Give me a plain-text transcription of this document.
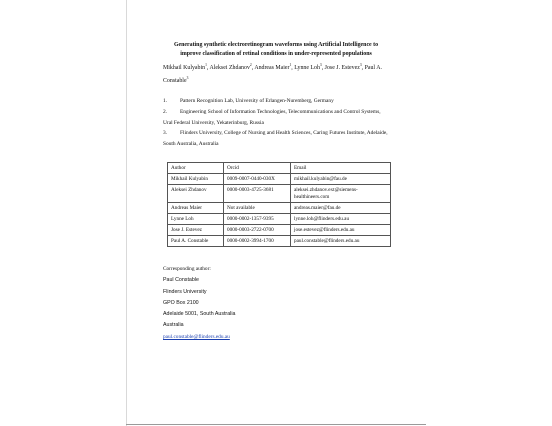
Generating synthetic electroretinogram waveforms using Artificial Intelligence to improve classification of retinal conditions in under-represented populations
Mikhail Kulyabin$^1$, Aleksei Zhdanov$^2$, Andreas Maier$^1$, Lynne Loh$^3$, Jose J. Estevez$^3$, Paul A. Constable$^3$
1. Pattern Recognition Lab, University of Erlangen-Nuremberg, Germany
2. Engineering School of Information Technologies, Telecommunications and Control Systems, Ural Federal University, Yekaterinburg, Russia
3. Flinders University, College of Nursing and Health Sciences, Caring Futures Institute, Adelaide, South Australia, Australia
Author	Orcid	Email
Mikhail Kulyabin	0009-0007-0440-030X	mikhail.kulyabin@fau.de
Aleksei Zhdanov	0000-0003-4725-3681	aleksei.zhdanov.ext@siemens-healthineers.com
Andreas Maier	Not available	andreas.maier@fau.de
Lynne Loh	0000-0002-1357-9395	lynne.loh@flinders.edu.au
Jose J. Estevez	0000-0003-2722-0700	jose.estevez@flinders.edu.au
Paul A. Constable	0000-0002-3994-1700	paul.constable@flinders.edu.au
Corresponding author:
Paul Constable
Flinders University
GPO Box 2100
Adelaide 5001, South Australia
Australia
paul.constable@flinders.edu.au
